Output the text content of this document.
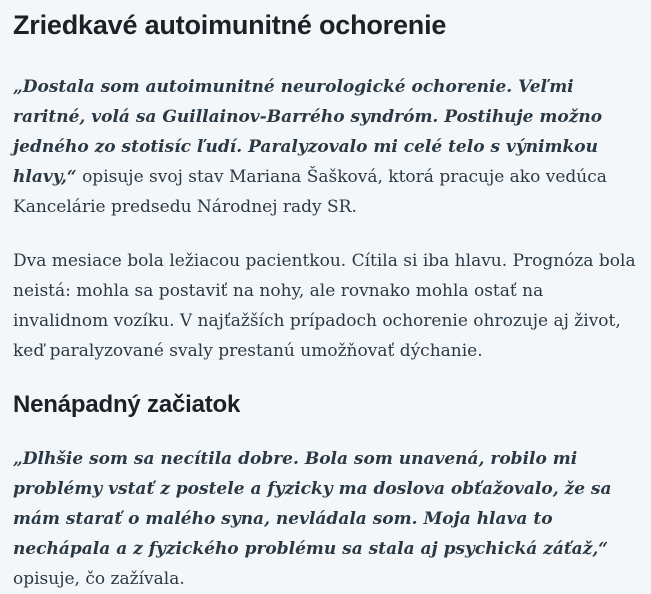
Zriedkavé autoimunitné ochorenie

„Dostala som autoimunitné neurologické ochorenie. Veľmi raritné, volá sa Guillainov-Barrého syndróm. Postihuje možno jedného zo stotisíc ľudí. Paralyzovalo mi celé telo s výnimkou hlavy,“ opisuje svoj stav Mariana Šašková, ktorá pracuje ako vedúca Kancelárie predsedu Národnej rady SR.

Dva mesiace bola ležiacou pacientkou. Cítila si iba hlavu. Prognóza bola neistá: mohla sa postaviť na nohy, ale rovnako mohla ostať na invalidnom vozíku. V najťažších prípadoch ochorenie ohrozuje aj život, keď paralyzované svaly prestanú umožňovať dýchanie.

Nenápadný začiatok

„Dlhšie som sa necítila dobre. Bola som unavená, robilo mi problémy vstať z postele a fyzicky ma doslova obťažovalo, že sa mám starať o malého syna, nevládala som. Moja hlava to nechápala a z fyzického problému sa stala aj psychická záťaž,“ opisuje, čo zažívala.
